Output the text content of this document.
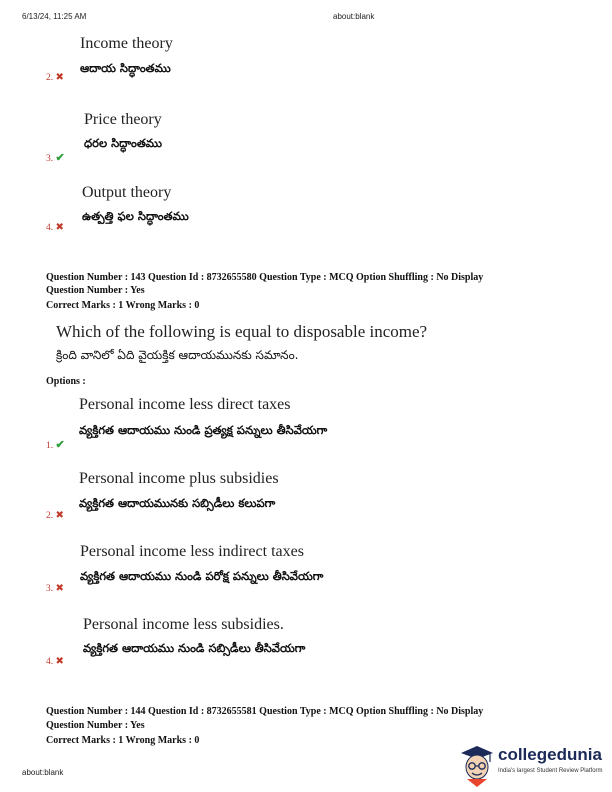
6/13/24, 11:25 AM	about:blank
Income theory
ఆదాయ సిద్ధాంతము
2. ✖
Price theory
ధరల సిద్ధాంతము
3. ✔
Output theory
ఉత్పత్తి ఫల సిద్ధాంతము
4. ✖
Question Number : 143 Question Id : 8732655580 Question Type : MCQ Option Shuffling : No Display
Question Number : Yes
Correct Marks : 1 Wrong Marks : 0
Which of the following is equal to disposable income?
క్రింది వానిలో ఏది వైయక్తిక ఆదాయమునకు సమానం.
Options :
Personal income less direct taxes
వ్యక్తిగత ఆదాయము నుండి ప్రత్యక్ష పన్నులు తీసివేయగా
1. ✔
Personal income plus subsidies
వ్యక్తిగత ఆదాయమునకు సబ్సిడీలు కలుపగా
2. ✖
Personal income less indirect taxes
వ్యక్తిగత ఆదాయము నుండి పరోక్ష పన్నులు తీసివేయగా
3. ✖
Personal income less subsidies.
వ్యక్తిగత ఆదాయము నుండి సబ్సిడీలు తీసివేయగా
4. ✖
Question Number : 144 Question Id : 8732655581 Question Type : MCQ Option Shuffling : No Display
Question Number : Yes
Correct Marks : 1 Wrong Marks : 0
about:blank
collegedunia
India's largest Student Review Platform
